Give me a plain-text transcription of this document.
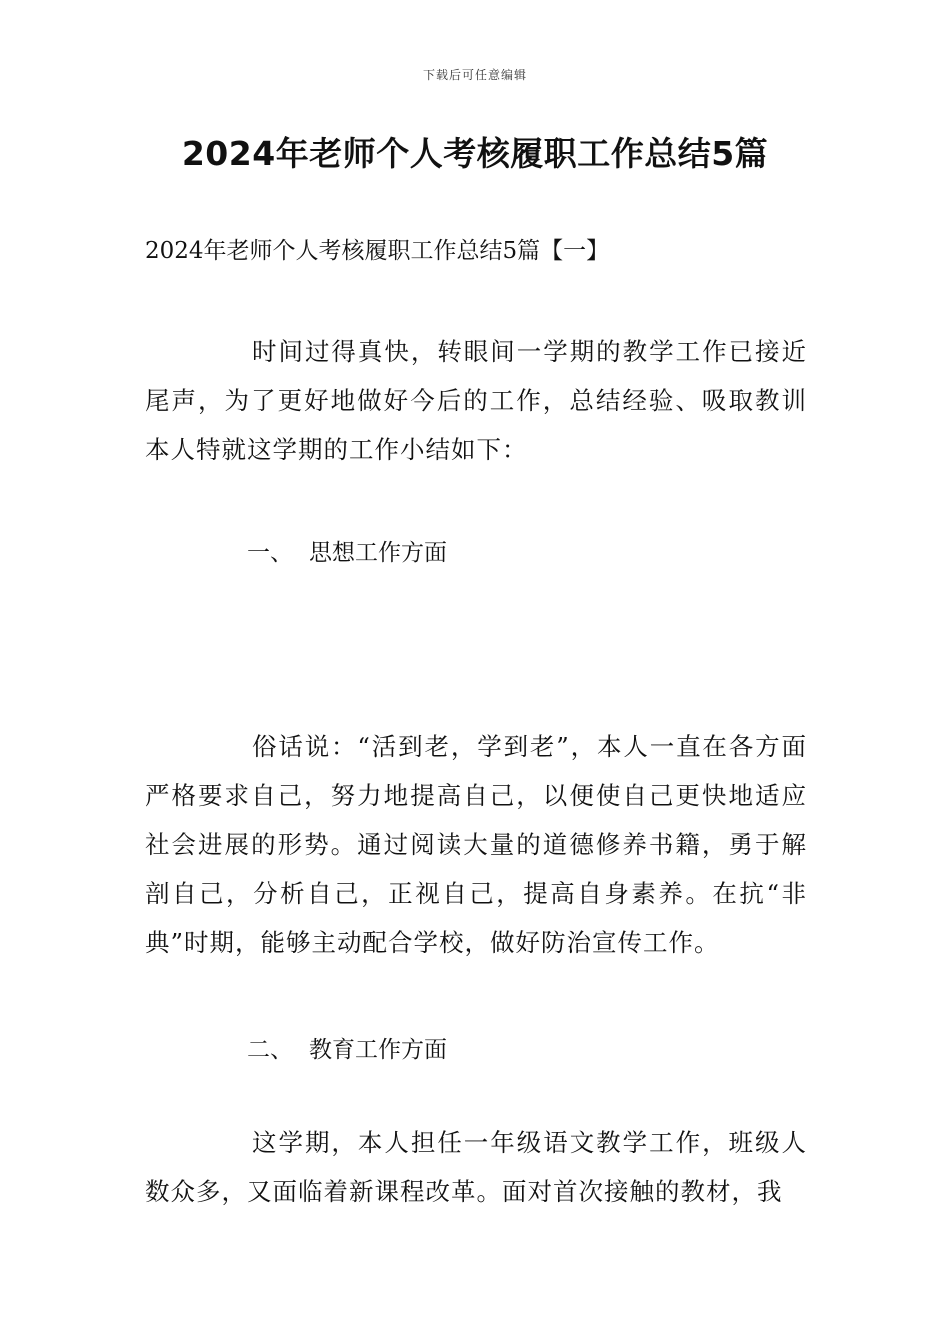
下载后可任意编辑
2024年老师个人考核履职工作总结5篇

2024年老师个人考核履职工作总结5篇【一】

时间过得真快，转眼间一学期的教学工作已接近尾声，为了更好地做好今后的工作，总结经验、吸取教训本人特就这学期的工作小结如下：

一、 思想工作方面

俗话说：“活到老，学到老”，本人一直在各方面严格要求自己，努力地提高自己，以便使自己更快地适应社会进展的形势。通过阅读大量的道德修养书籍，勇于解剖自己，分析自己，正视自己，提高自身素养。在抗“非典”时期，能够主动配合学校，做好防治宣传工作。

二、 教育工作方面

这学期，本人担任一年级语文教学工作，班级人数众多，又面临着新课程改革。面对首次接触的教材，我
